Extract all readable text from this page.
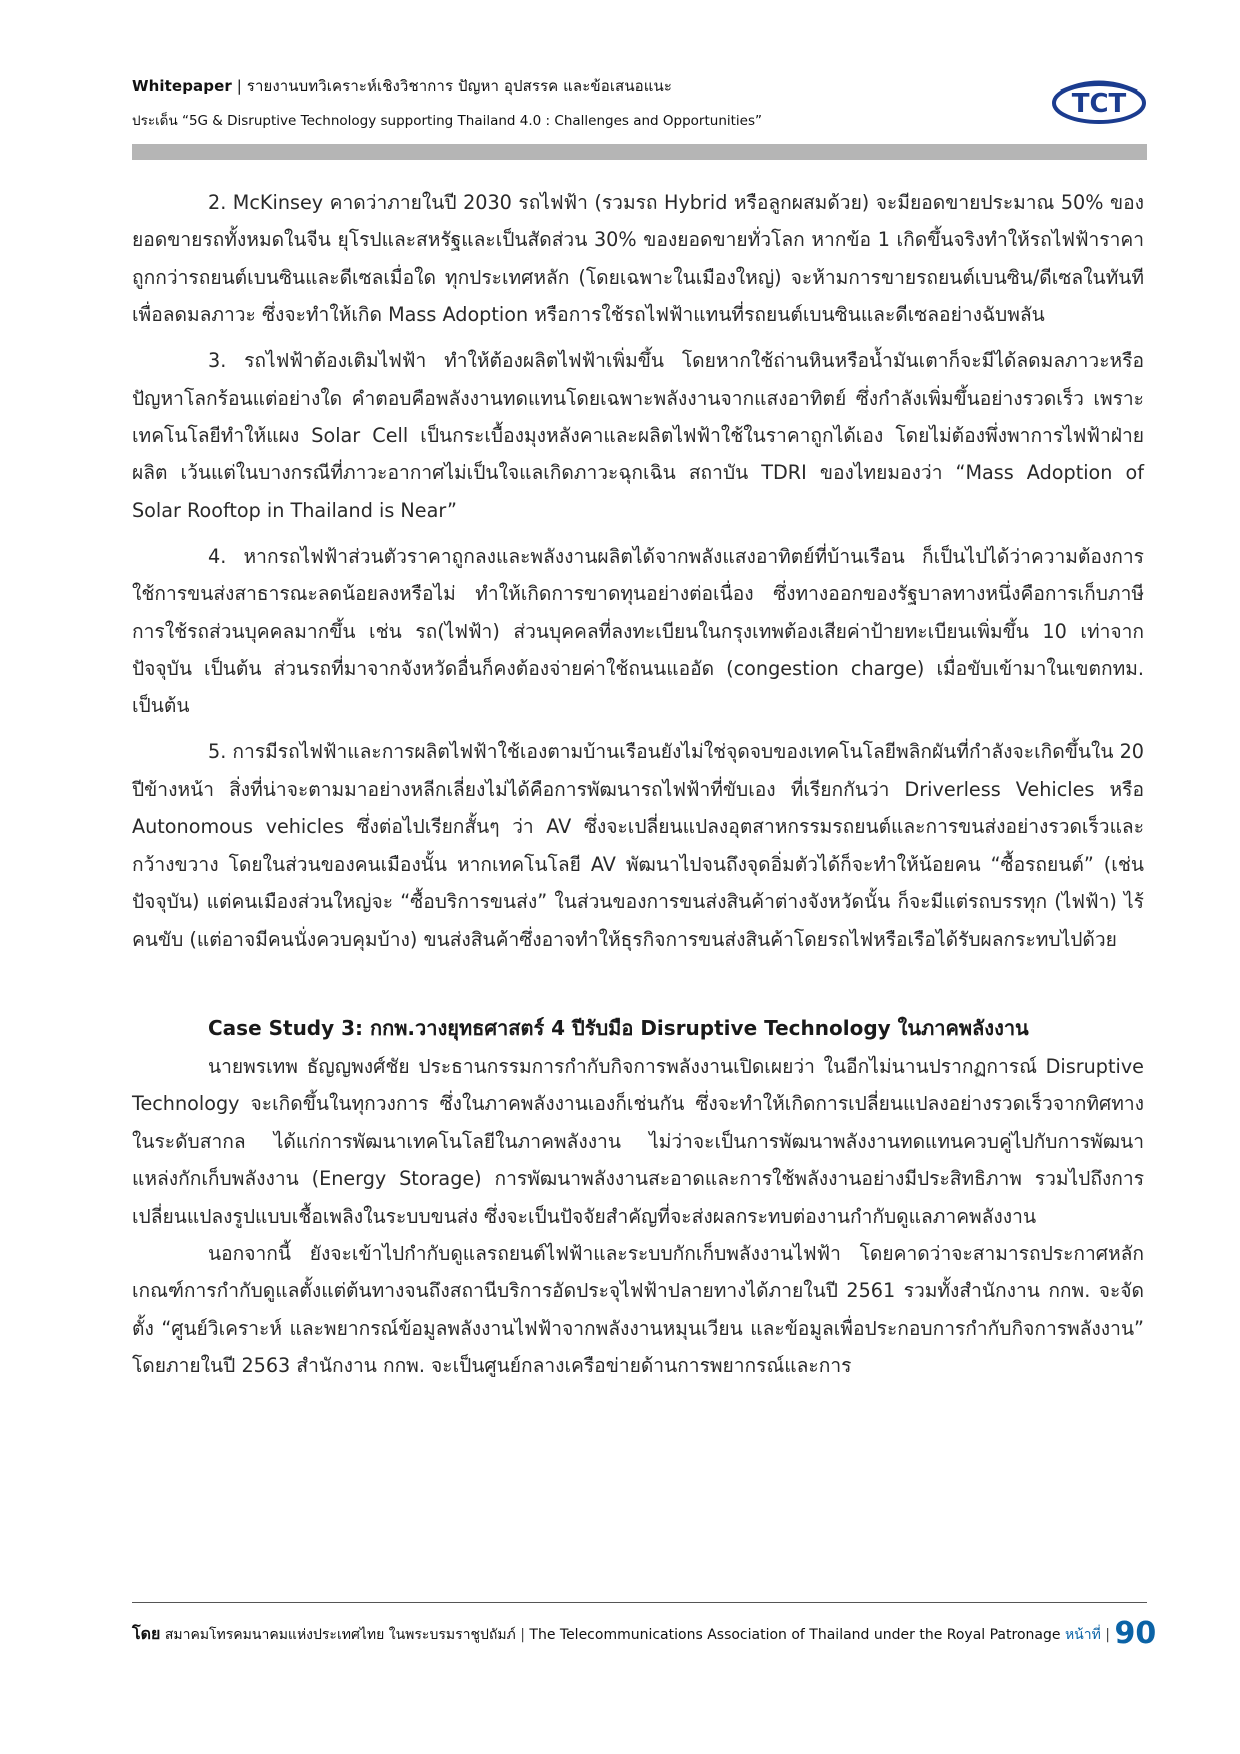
Whitepaper | รายงานบทวิเคราะห์เชิงวิชาการ ปัญหา อุปสรรค และข้อเสนอแนะ
ประเด็น “5G & Disruptive Technology supporting Thailand 4.0 : Challenges and Opportunities”
TCT

2. McKinsey คาดว่าภายในปี 2030 รถไฟฟ้า (รวมรถ Hybrid หรือลูกผสมด้วย) จะมียอดขายประมาณ 50% ของยอดขายรถทั้งหมดในจีน ยุโรปและสหรัฐและเป็นสัดส่วน 30% ของยอดขายทั่วโลก หากข้อ 1 เกิดขึ้นจริงทำให้รถไฟฟ้าราคาถูกกว่ารถยนต์เบนซินและดีเซลเมื่อใด ทุกประเทศหลัก (โดยเฉพาะในเมืองใหญ่) จะห้ามการขายรถยนต์เบนซิน/ดีเซลในทันทีเพื่อลดมลภาวะ ซึ่งจะทำให้เกิด Mass Adoption หรือการใช้รถไฟฟ้าแทนที่รถยนต์เบนซินและดีเซลอย่างฉับพลัน

3. รถไฟฟ้าต้องเติมไฟฟ้า ทำให้ต้องผลิตไฟฟ้าเพิ่มขึ้น โดยหากใช้ถ่านหินหรือน้ำมันเตาก็จะมีได้ลดมลภาวะหรือปัญหาโลกร้อนแต่อย่างใด คำตอบคือพลังงานทดแทนโดยเฉพาะพลังงานจากแสงอาทิตย์ ซึ่งกำลังเพิ่มขึ้นอย่างรวดเร็ว เพราะเทคโนโลยีทำให้แผง Solar Cell เป็นกระเบื้องมุงหลังคาและผลิตไฟฟ้าใช้ในราคาถูกได้เอง โดยไม่ต้องพึ่งพาการไฟฟ้าฝ่ายผลิต เว้นแต่ในบางกรณีที่ภาวะอากาศไม่เป็นใจแลเกิดภาวะฉุกเฉิน สถาบัน TDRI ของไทยมองว่า “Mass Adoption of Solar Rooftop in Thailand is Near”

4. หากรถไฟฟ้าส่วนตัวราคาถูกลงและพลังงานผลิตได้จากพลังแสงอาทิตย์ที่บ้านเรือน ก็เป็นไปได้ว่าความต้องการใช้การขนส่งสาธารณะลดน้อยลงหรือไม่ ทำให้เกิดการขาดทุนอย่างต่อเนื่อง ซึ่งทางออกของรัฐบาลทางหนึ่งคือการเก็บภาษีการใช้รถส่วนบุคคลมากขึ้น เช่น รถ(ไฟฟ้า) ส่วนบุคคลที่ลงทะเบียนในกรุงเทพต้องเสียค่าป้ายทะเบียนเพิ่มขึ้น 10 เท่าจากปัจจุบัน เป็นต้น ส่วนรถที่มาจากจังหวัดอื่นก็คงต้องจ่ายค่าใช้ถนนแออัด (congestion charge) เมื่อขับเข้ามาในเขตกทม. เป็นต้น

5. การมีรถไฟฟ้าและการผลิตไฟฟ้าใช้เองตามบ้านเรือนยังไม่ใช่จุดจบของเทคโนโลยีพลิกผันที่กำลังจะเกิดขึ้นใน 20 ปีข้างหน้า สิ่งที่น่าจะตามมาอย่างหลีกเลี่ยงไม่ได้คือการพัฒนารถไฟฟ้าที่ขับเอง ที่เรียกกันว่า Driverless Vehicles หรือ Autonomous vehicles ซึ่งต่อไปเรียกสั้นๆ ว่า AV ซึ่งจะเปลี่ยนแปลงอุตสาหกรรมรถยนต์และการขนส่งอย่างรวดเร็วและกว้างขวาง โดยในส่วนของคนเมืองนั้น หากเทคโนโลยี AV พัฒนาไปจนถึงจุดอิ่มตัวได้ก็จะทำให้น้อยคน “ซื้อรถยนต์” (เช่นปัจจุบัน) แต่คนเมืองส่วนใหญ่จะ “ซื้อบริการขนส่ง” ในส่วนของการขนส่งสินค้าต่างจังหวัดนั้น ก็จะมีแต่รถบรรทุก (ไฟฟ้า) ไร้คนขับ (แต่อาจมีคนนั่งควบคุมบ้าง) ขนส่งสินค้าซึ่งอาจทำให้ธุรกิจการขนส่งสินค้าโดยรถไฟหรือเรือได้รับผลกระทบไปด้วย

Case Study 3: กกพ.วางยุทธศาสตร์ 4 ปีรับมือ Disruptive Technology ในภาคพลังงาน

นายพรเทพ ธัญญพงศ์ชัย ประธานกรรมการกำกับกิจการพลังงานเปิดเผยว่า ในอีกไม่นานปรากฏการณ์ Disruptive Technology จะเกิดขึ้นในทุกวงการ ซึ่งในภาคพลังงานเองก็เช่นกัน ซึ่งจะทำให้เกิดการเปลี่ยนแปลงอย่างรวดเร็วจากทิศทางในระดับสากล ได้แก่การพัฒนาเทคโนโลยีในภาคพลังงาน ไม่ว่าจะเป็นการพัฒนาพลังงานทดแทนควบคู่ไปกับการพัฒนาแหล่งกักเก็บพลังงาน (Energy Storage) การพัฒนาพลังงานสะอาดและการใช้พลังงานอย่างมีประสิทธิภาพ รวมไปถึงการเปลี่ยนแปลงรูปแบบเชื้อเพลิงในระบบขนส่ง ซึ่งจะเป็นปัจจัยสำคัญที่จะส่งผลกระทบต่องานกำกับดูแลภาคพลังงาน

นอกจากนี้ ยังจะเข้าไปกำกับดูแลรถยนต์ไฟฟ้าและระบบกักเก็บพลังงานไฟฟ้า โดยคาดว่าจะสามารถประกาศหลักเกณฑ์การกำกับดูแลตั้งแต่ต้นทางจนถึงสถานีบริการอัดประจุไฟฟ้าปลายทางได้ภายในปี 2561 รวมทั้งสำนักงาน กกพ. จะจัดตั้ง “ศูนย์วิเคราะห์ และพยากรณ์ข้อมูลพลังงานไฟฟ้าจากพลังงานหมุนเวียน และข้อมูลเพื่อประกอบการกำกับกิจการพลังงาน” โดยภายในปี 2563 สำนักงาน กกพ. จะเป็นศูนย์กลางเครือข่ายด้านการพยากรณ์และการ

โดย สมาคมโทรคมนาคมแห่งประเทศไทย ในพระบรมราชูปถัมภ์ | The Telecommunications Association of Thailand under the Royal Patronage หน้าที่ | 90
